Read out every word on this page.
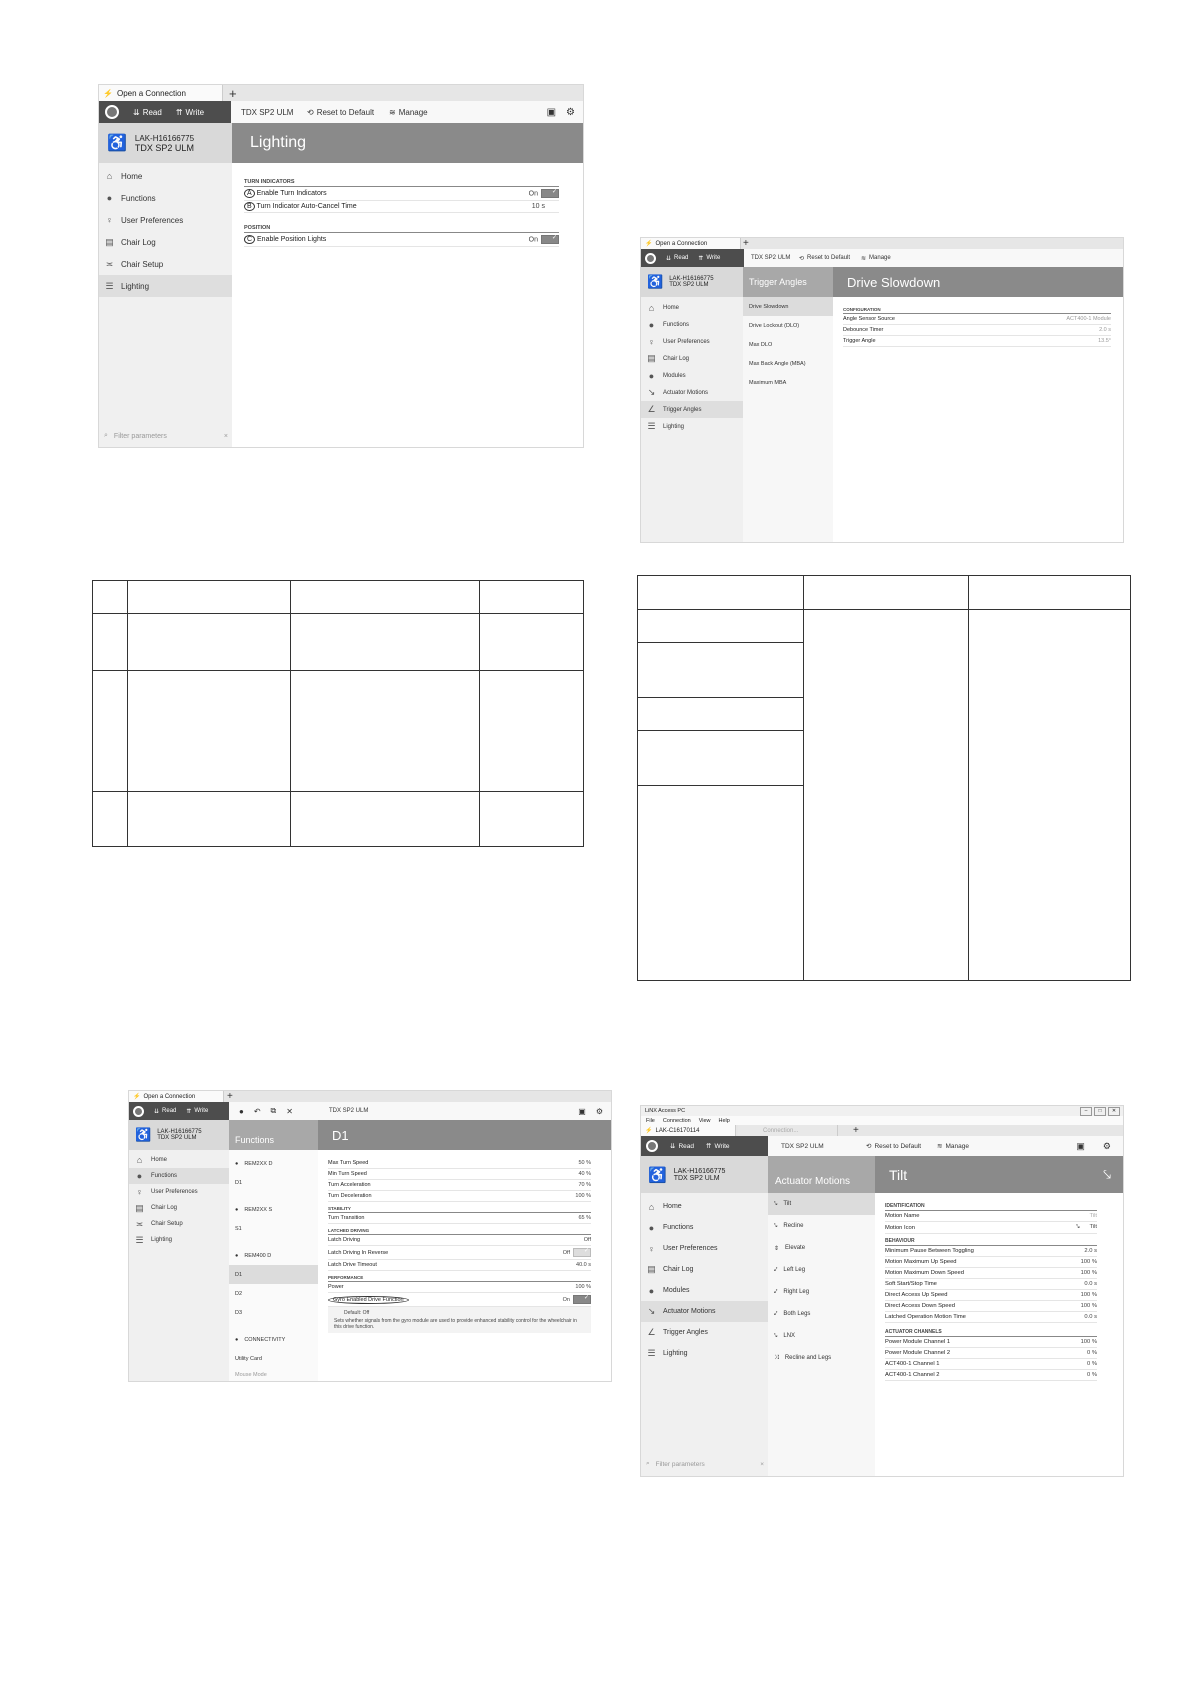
⚡ Open a Connection	+
⇊ Read ⇈ Write	TDX SP2 ULM ⟲ Reset to Default ≋ Manage	▣ ⚙
♿ LAK-H16166775
TDX SP2 ULM	Lighting
⌂	Home
●	Functions
♀ User Preferences
▤ Chair Log
≍ Chair Setup
☰ Lighting
⌕ Filter parameters	×
TURN INDICATORS
A Enable Turn Indicators	On✓
B Turn Indicator Auto-Cancel Time	10 s
POSITION
C Enable Position Lights	On✓

⚡ Open a Connection	+
⇊ Read ⇈ Write	TDX SP2 ULM ⟲ Reset to Default ≋ Manage
♿ LAK-H16166775
TDX SP2 ULM	Trigger Angles	Drive Slowdown
⌂	Home
●	Functions
♀	User Preferences
▤ Chair Log
●	Modules
↘ Actuator Motions
∠ Trigger Angles
☰ Lighting
Drive Slowdown
Drive Lockout (DLO)
Max DLO
Max Back Angle (MBA)
Maximum MBA
CONFIGURATION
Angle Sensor Source	ACT400-1 Module
Debounce Timer	2.0 s
Trigger Angle	13.5°

⚡ Open a Connection	+
⇊ Read ⇈ Write	● ↶ ⧉ ✕	TDX SP2 ULM	▣ ⚙
♿ LAK-H16166775
TDX SP2 ULM	Functions	D1
⌂	Home
●	Functions
♀	User Preferences
▤ Chair Log
≍ Chair Setup
☰ Lighting
● REM2XX D
D1
● REM2XX S
S1
● REM400 D
D1
D2
D3
● CONNECTIVITY
Utility Card
Mouse Mode
Max Turn Speed	50 %
Min Turn Speed	40 %
Turn Acceleration	70 %
Turn Deceleration	100 %
STABILITY
Turn Transition	65 %
LATCHED DRIVING
Latch Driving	Off
Latch Driving In Reverse	Off✓
Latch Drive Timeout	40.0 s
PERFORMANCE
Power	100 %
Gyro Enabled Drive Function	On✓
Default: Off
Sets whether signals from the gyro module are used to provide enhanced stability control for the wheelchair in this drive function.
LiNX Access PC	–	□	✕
File Connection View Help
⚡ LAK-C16170114	Connection...	+
⇊ Read ⇈ Write	TDX SP2 ULM	⟲ Reset to Default ≋ Manage	▣ ⚙
♿ LAK-H16166775
TDX SP2 ULM	Actuator Motions	Tilt	⤥
⌂	Home
●	Functions
♀	User Preferences
▤ Chair Log
●	Modules
↘ Actuator Motions
∠ Trigger Angles
☰ Lighting
⌕ Filter parameters	×
⤥ Tilt
⤥ Recline
⇕ Elevate
⤦ Left Leg
⤦ Right Leg
⤦ Both Legs
⤥ LNX
⤨ Recline and Legs
IDENTIFICATION
Motion Name	Tilt
Motion Icon	⤥ Tilt
BEHAVIOUR
Minimum Pause Between Toggling	2.0 s
Motion Maximum Up Speed	100 %
Motion Maximum Down Speed	100 %
Soft Start/Stop Time	0.0 s
Direct Access Up Speed	100 %
Direct Access Down Speed	100 %
Latched Operation Motion Time	0.0 s
ACTUATOR CHANNELS
Power Module Channel 1	100 %
Power Module Channel 2	0 %
ACT400-1 Channel 1	0 %
ACT400-1 Channel 2	0 %
